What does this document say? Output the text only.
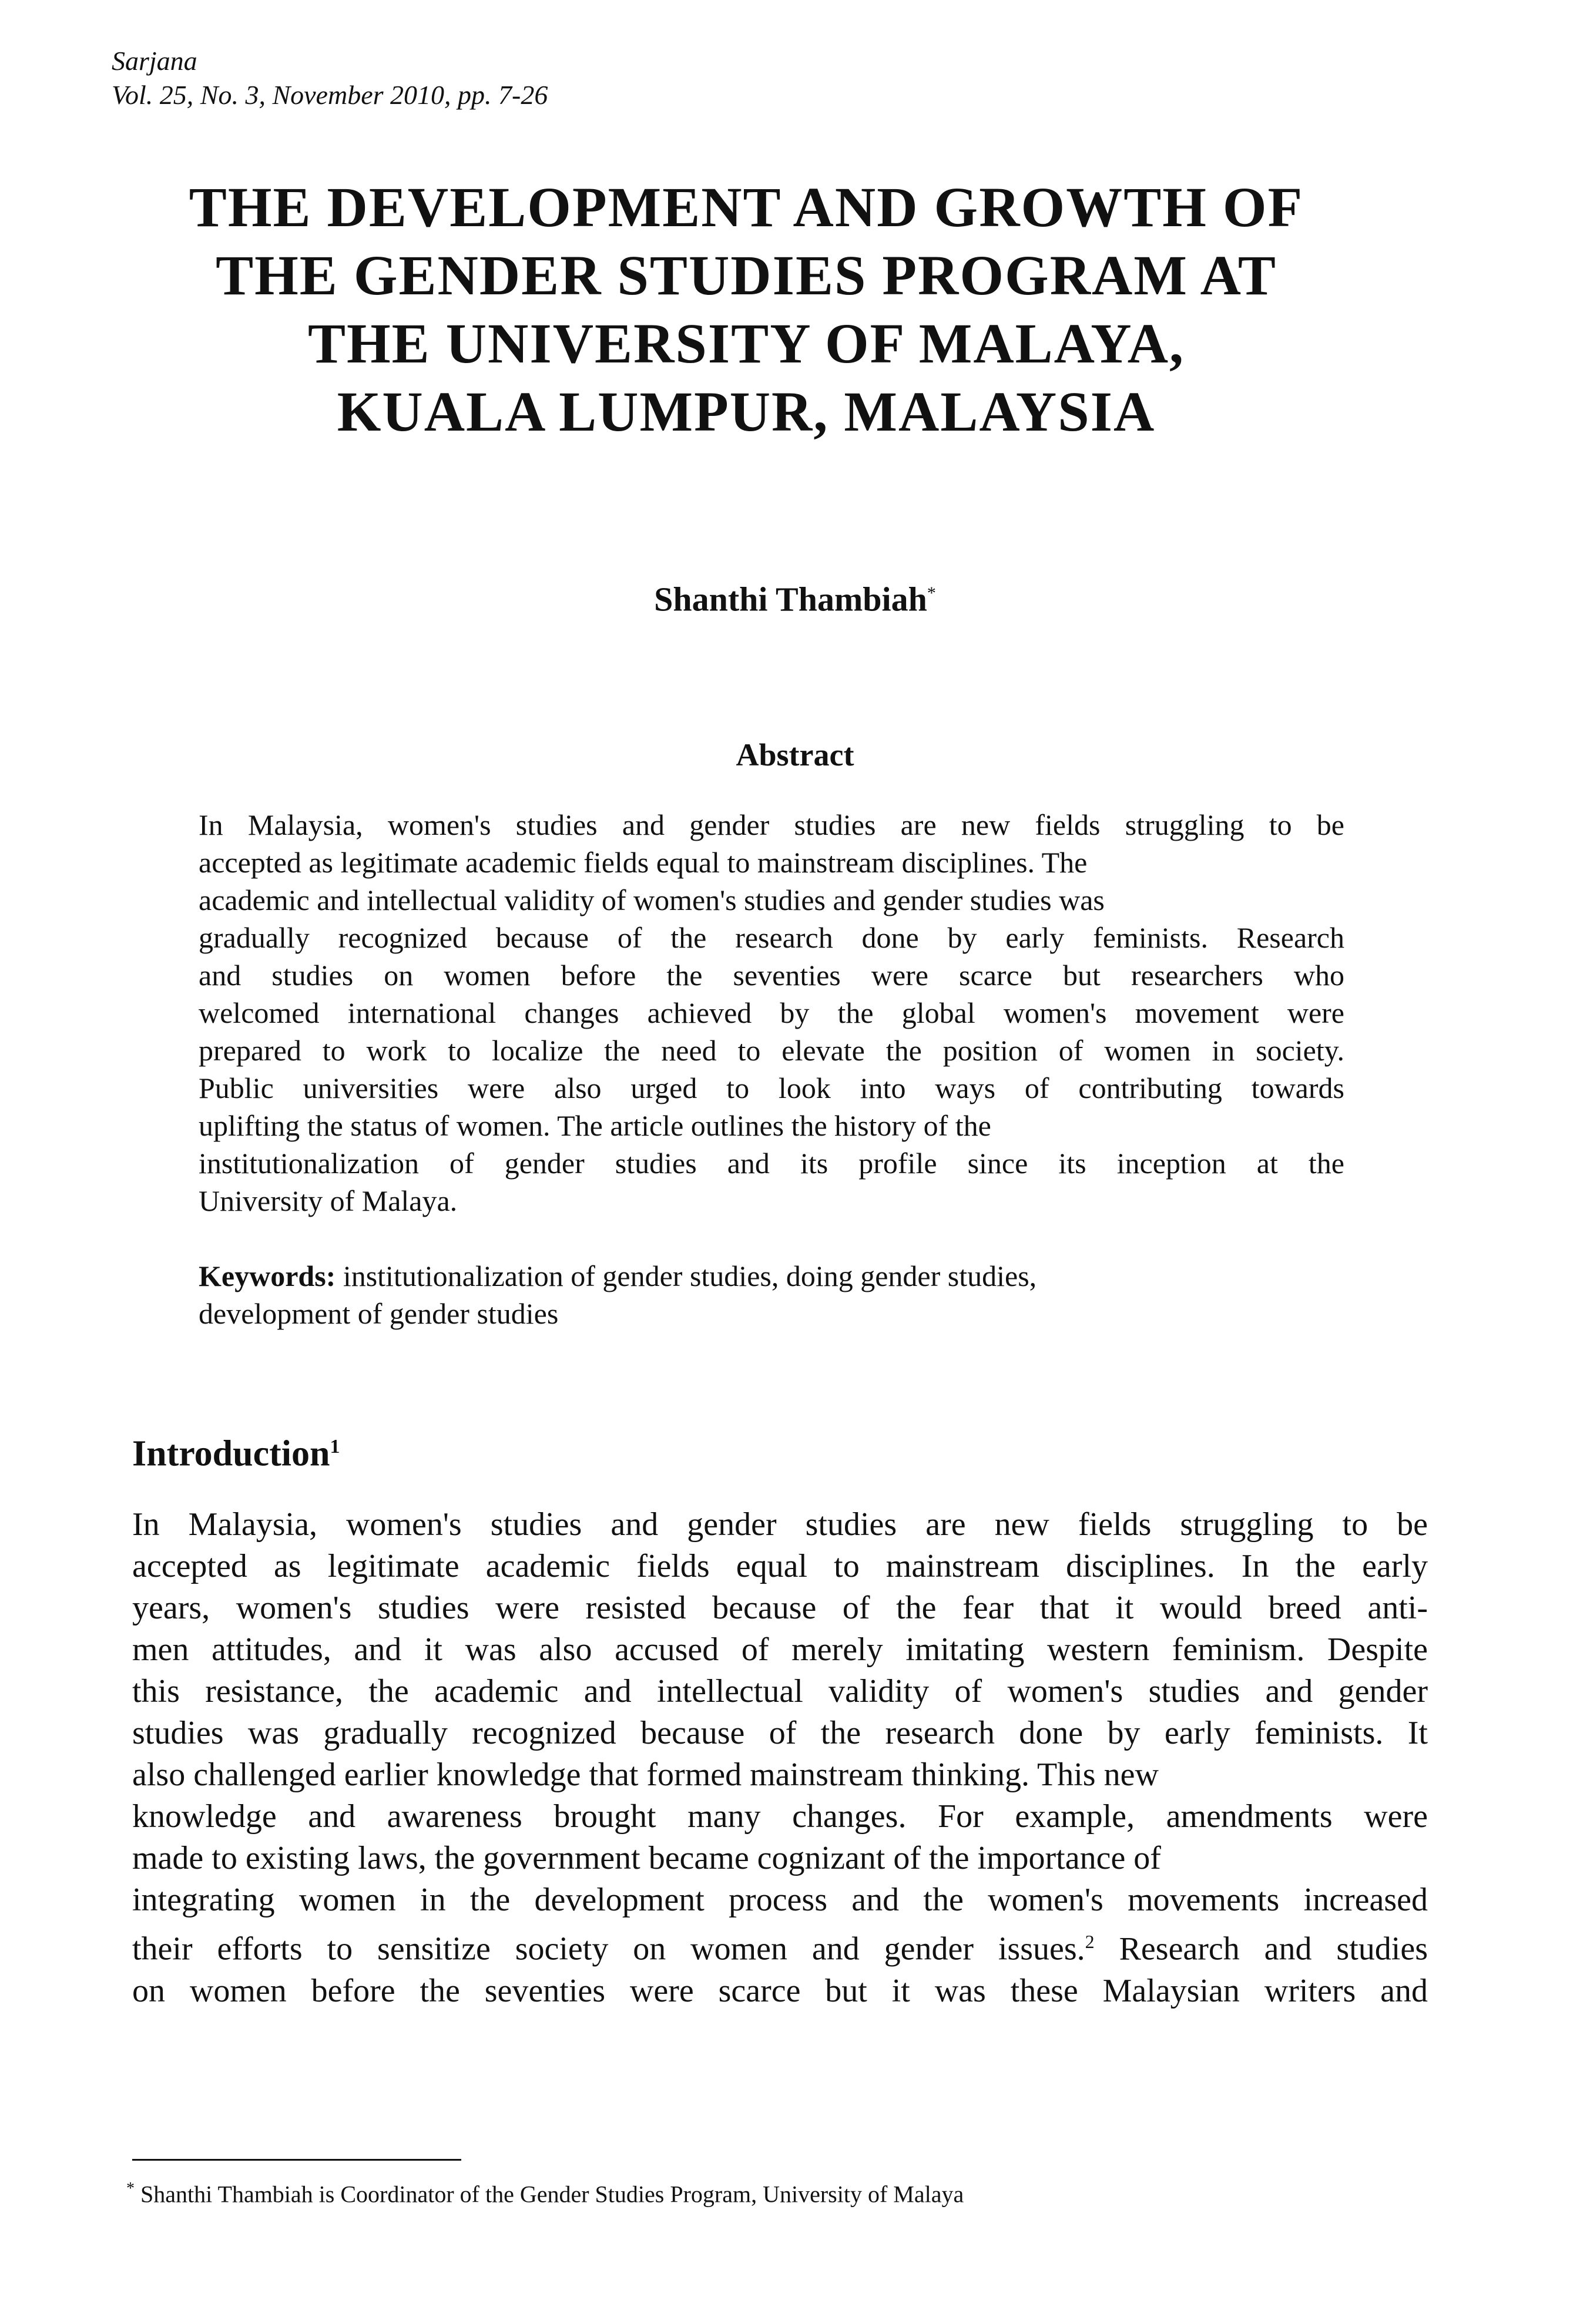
Sarjana
Vol. 25, No. 3, November 2010, pp. 7-26
THE DEVELOPMENT AND GROWTH OF
THE GENDER STUDIES PROGRAM AT
THE UNIVERSITY OF MALAYA,
KUALA LUMPUR, MALAYSIA
Shanthi Thambiah*
Abstract
In Malaysia, women's studies and gender studies are new fields struggling to be
accepted as legitimate academic fields equal to mainstream disciplines. The
academic and intellectual validity of women's studies and gender studies was
gradually recognized because of the research done by early feminists. Research
and studies on women before the seventies were scarce but researchers who
welcomed international changes achieved by the global women's movement were
prepared to work to localize the need to elevate the position of women in society.
Public universities were also urged to look into ways of contributing towards
uplifting the status of women. The article outlines the history of the
institutionalization of gender studies and its profile since its inception at the
University of Malaya.
Keywords: institutionalization of gender studies, doing gender studies,
development of gender studies
Introduction$^1$
In Malaysia, women's studies and gender studies are new fields struggling to be
accepted as legitimate academic fields equal to mainstream disciplines. In the early
years, women's studies were resisted because of the fear that it would breed anti-
men attitudes, and it was also accused of merely imitating western feminism. Despite
this resistance, the academic and intellectual validity of women's studies and gender
studies was gradually recognized because of the research done by early feminists. It
also challenged earlier knowledge that formed mainstream thinking. This new
knowledge and awareness brought many changes. For example, amendments were
made to existing laws, the government became cognizant of the importance of
integrating women in the development process and the women's movements increased
their efforts to sensitize society on women and gender issues.$^2$ Research and studies
on women before the seventies were scarce but it was these Malaysian writers and
* Shanthi Thambiah is Coordinator of the Gender Studies Program, University of Malaya
